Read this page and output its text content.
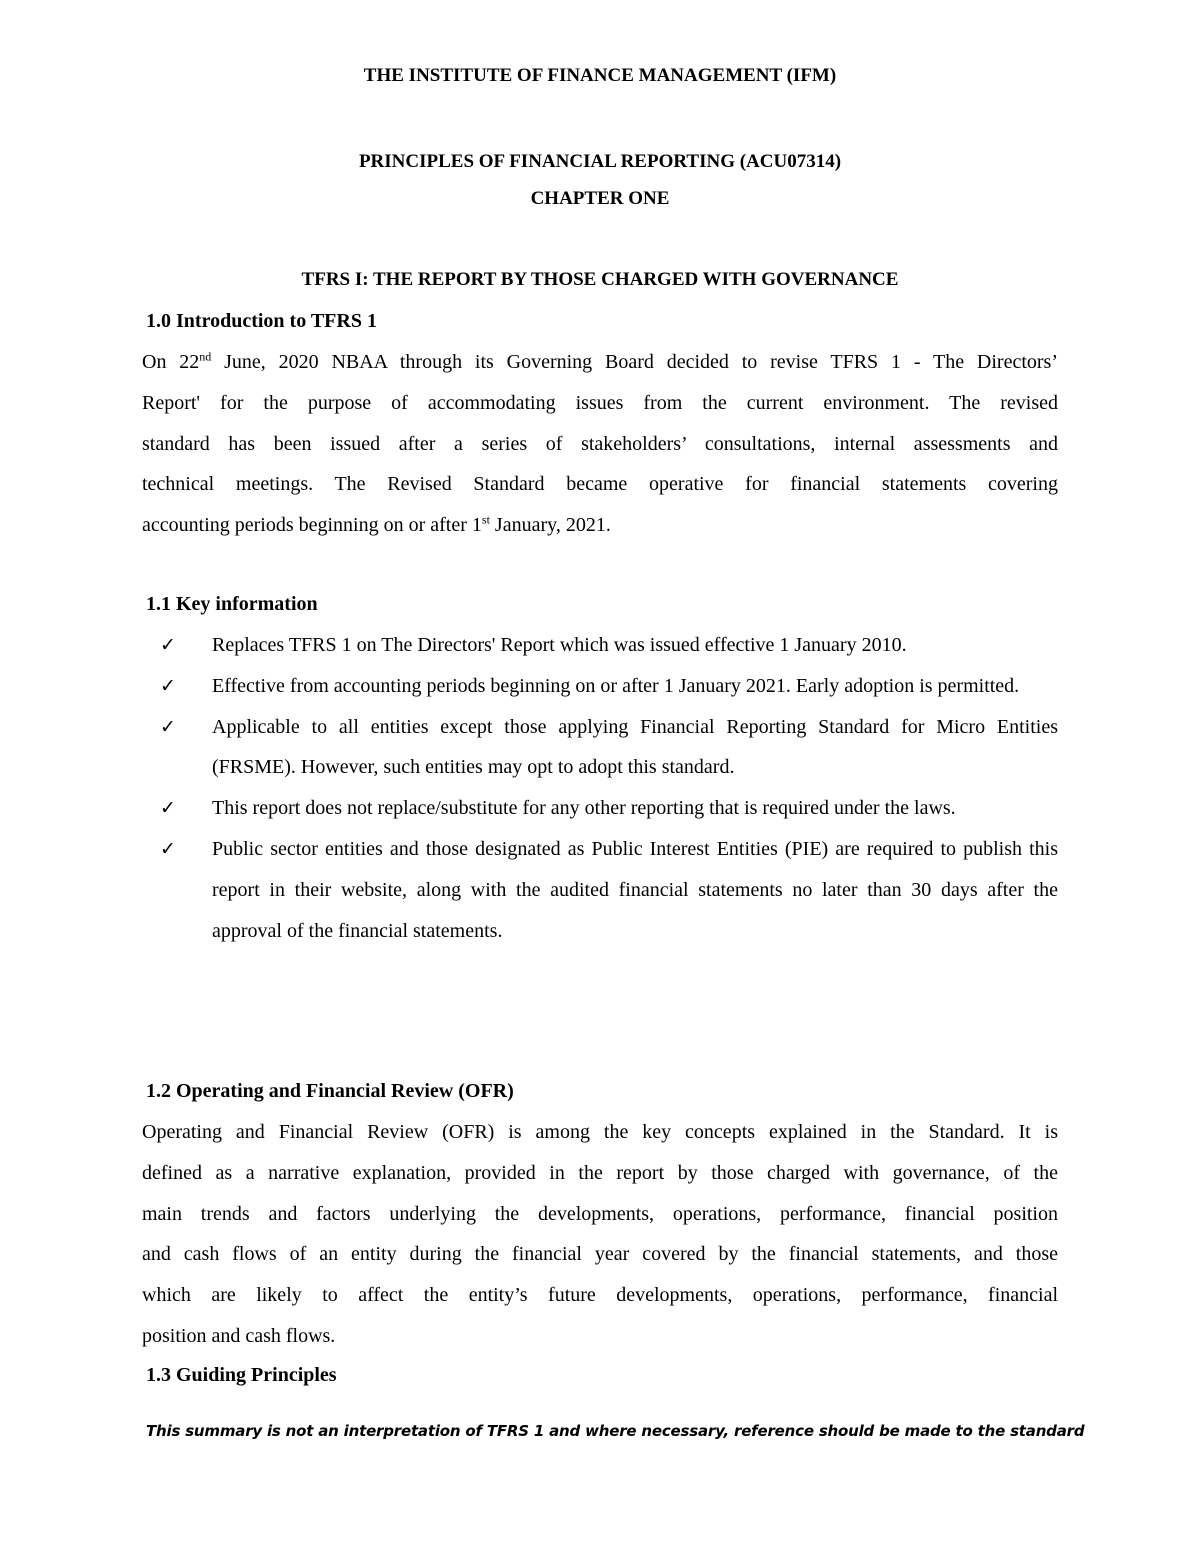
THE INSTITUTE OF FINANCE MANAGEMENT (IFM)
PRINCIPLES OF FINANCIAL REPORTING (ACU07314)
CHAPTER ONE
TFRS I: THE REPORT BY THOSE CHARGED WITH GOVERNANCE
1.0 Introduction to TFRS 1
On 22nd June, 2020 NBAA through its Governing Board decided to revise TFRS 1 - The Directors’
Report' for the purpose of accommodating issues from the current environment. The revised
standard has been issued after a series of stakeholders’ consultations, internal assessments and
technical meetings. The Revised Standard became operative for financial statements covering
accounting periods beginning on or after 1st January, 2021.
1.1 Key information
✓ Replaces TFRS 1 on The Directors' Report which was issued effective 1 January 2010.
✓ Effective from accounting periods beginning on or after 1 January 2021. Early adoption is permitted.
✓ Applicable to all entities except those applying Financial Reporting Standard for Micro Entities (FRSME). However, such entities may opt to adopt this standard.
✓ This report does not replace/substitute for any other reporting that is required under the laws.
✓ Public sector entities and those designated as Public Interest Entities (PIE) are required to publish this report in their website, along with the audited financial statements no later than 30 days after the approval of the financial statements.
1.2 Operating and Financial Review (OFR)
Operating and Financial Review (OFR) is among the key concepts explained in the Standard. It is
defined as a narrative explanation, provided in the report by those charged with governance, of the
main trends and factors underlying the developments, operations, performance, financial position
and cash flows of an entity during the financial year covered by the financial statements, and those
which are likely to affect the entity’s future developments, operations, performance, financial
position and cash flows.
1.3 Guiding Principles
This summary is not an interpretation of TFRS 1 and where necessary, reference should be made to the standard
